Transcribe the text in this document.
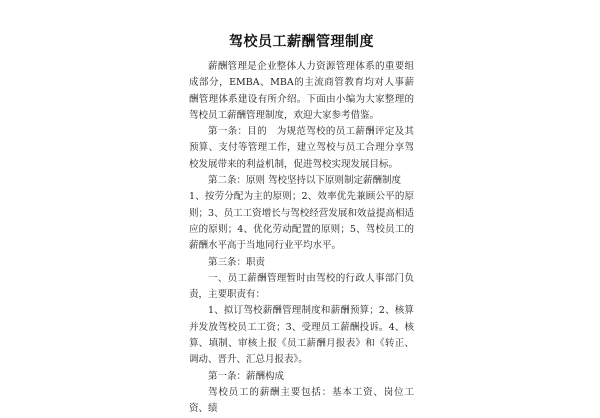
驾校员工薪酬管理制度

薪酬管理是企业整体人力资源管理体系的重要组成部分，EMBA、MBA的主流商管教育均对人事薪酬管理体系建设有所介绍。下面由小编为大家整理的驾校员工薪酬管理制度，欢迎大家参考借鉴。

第一条：目的　为规范驾校的员工薪酬评定及其预算、支付等管理工作，建立驾校与员工合理分享驾校发展带来的利益机制，促进驾校实现发展目标。

第二条：原则 驾校坚持以下原则制定薪酬制度

1、按劳分配为主的原则；2、效率优先兼顾公平的原则；3、员工工资增长与驾校经营发展和效益提高相适应的原则；4、优化劳动配置的原则；5、驾校员工的薪酬水平高于当地同行业平均水平。

第三条：职责

一、员工薪酬管理暂时由驾校的行政人事部门负责，主要职责有：

1、拟订驾校薪酬管理制度和薪酬预算；2、核算并发放驾校员工工资；3、受理员工薪酬投诉。4、核算、填制、审核上报《员工薪酬月报表》和《转正、调动、晋升、汇总月报表》。

第一条：薪酬构成

驾校员工的薪酬主要包括：基本工资、岗位工资、绩
